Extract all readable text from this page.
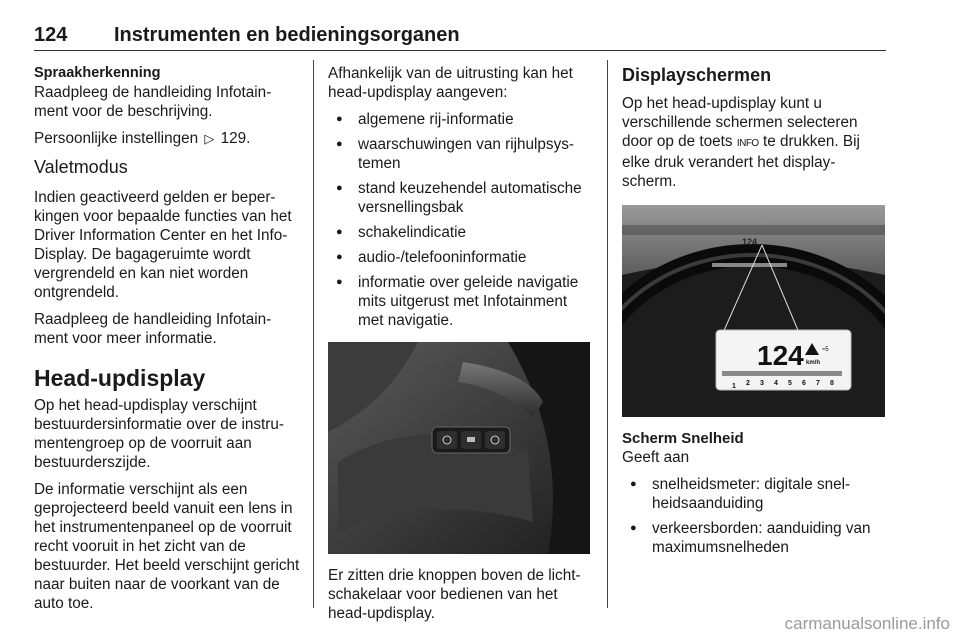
124 Instrumenten en bedieningsorganen
Spraakherkenning

Raadpleeg de handleiding Infotain-ment voor de beschrijving.

Persoonlijke instellingen ▷ 129.

Valetmodus

Indien geactiveerd gelden er beper-kingen voor bepaalde functies van het Driver Information Center en het Info-Display. De bagageruimte wordt vergrendeld en kan niet worden ontgrendeld.

Raadpleeg de handleiding Infotain-ment voor meer informatie.

Head-updisplay

Op het head-updisplay verschijnt bestuurdersinformatie over de instru-mentengroep op de voorruit aan bestuurderszijde.

De informatie verschijnt als een geprojecteerd beeld vanuit een lens in het instrumentenpaneel op de voorruit recht vooruit in het zicht van de bestuurder. Het beeld verschijnt gericht naar buiten naar de voorkant van de auto toe.

Afhankelijk van de uitrusting kan het head-updisplay aangeven:

● algemene rij-informatie
● waarschuwingen van rijhulpsys-temen
● stand keuzehendel automatische versnellingsbak
● schakelindicatie
● audio-/telefooninformatie
● informatie over geleide navigatie mits uitgerust met Infotainment met navigatie.

Er zitten drie knoppen boven de licht-schakelaar voor bedienen van het head-updisplay.

Displayschermen

Op het head-updisplay kunt u verschillende schermen selecteren door op de toets INFO te drukken. Bij elke druk verandert het display-scherm.

124
124 km/h
≈5
1 2 3 4 5 6 7 8
Scherm Snelheid

Geeft aan

● snelheidsmeter: digitale snel-heidsaanduiding
● verkeersborden: aanduiding van maximumsnelheden
carmanualsonline.info
